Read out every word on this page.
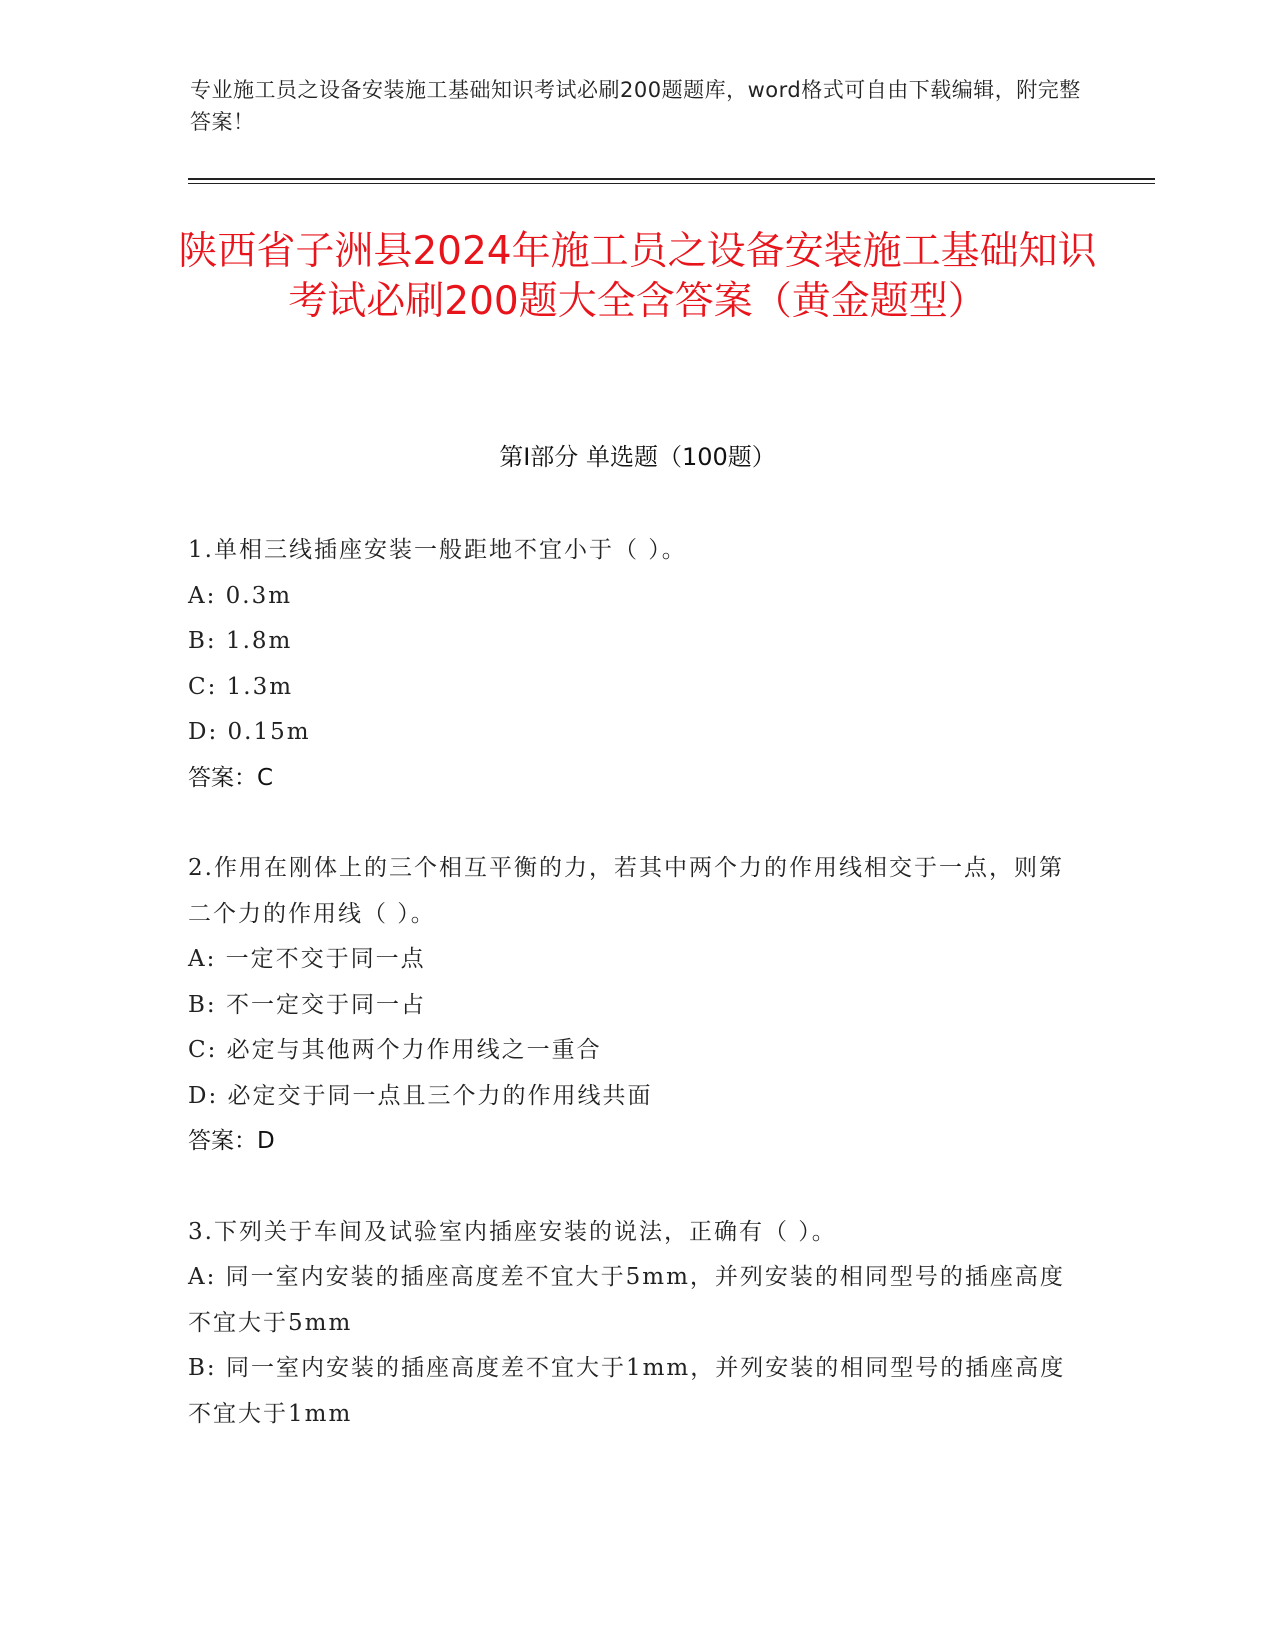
专业施工员之设备安装施工基础知识考试必刷200题题库，word格式可自由下载编辑，附完整答案！
陕西省子洲县2024年施工员之设备安装施工基础知识考试必刷200题大全含答案（黄金题型）
第I部分 单选题（100题）
1.单相三线插座安装一般距地不宜小于（ ）。
A: 0.3m
B: 1.8m
C: 1.3m
D: 0.15m
答案：C
2.作用在刚体上的三个相互平衡的力，若其中两个力的作用线相交于一点，则第二个力的作用线（ ）。
A: 一定不交于同一点
B: 不一定交于同一占
C: 必定与其他两个力作用线之一重合
D: 必定交于同一点且三个力的作用线共面
答案：D
3.下列关于车间及试验室内插座安装的说法，正确有（ ）。
A: 同一室内安装的插座高度差不宜大于5mm，并列安装的相同型号的插座高度不宜大于5mm
B: 同一室内安装的插座高度差不宜大于1mm，并列安装的相同型号的插座高度不宜大于1mm
